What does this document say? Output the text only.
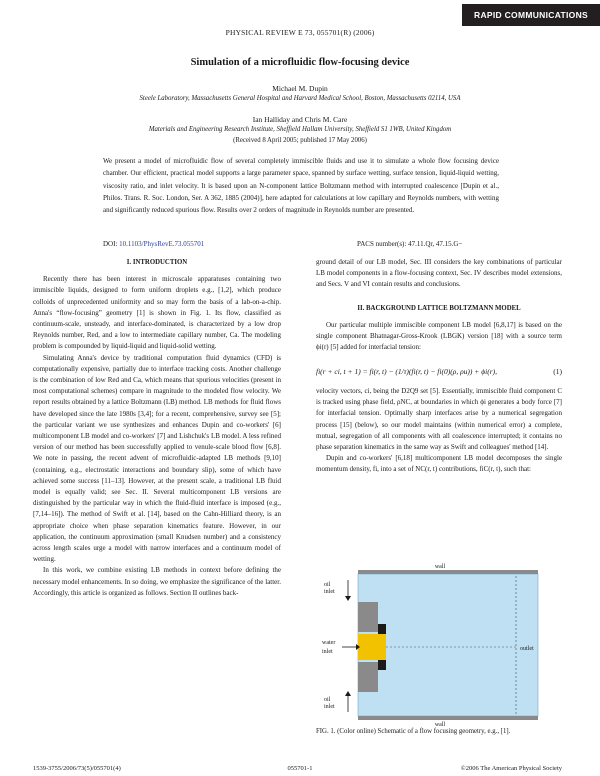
RAPID COMMUNICATIONS
PHYSICAL REVIEW E 73, 055701(R) (2006)
Simulation of a microfluidic flow-focusing device
Michael M. Dupin
Steele Laboratory, Massachusetts General Hospital and Harvard Medical School, Boston, Massachusetts 02114, USA
Ian Halliday and Chris M. Care
Materials and Engineering Research Institute, Sheffield Hallam University, Sheffield S1 1WB, United Kingdom
(Received 8 April 2005; published 17 May 2006)
We present a model of microfluidic flow of several completely immiscible fluids and use it to simulate a whole flow focusing device chamber. Our efficient, practical model supports a large parameter space, spanned by surface wetting, surface tension, liquid-liquid wetting, viscosity ratio, and inlet velocity. It is based upon an N-component lattice Boltzmann method with interrupted coalescence [Dupin et al., Philos. Trans. R. Soc. London, Ser. A 362, 1885 (2004)], here adapted for calculations at low capillary and Reynolds numbers, with wetting and significantly reduced spurious flow. Results over 2 orders of magnitude in Reynolds number are presented.
DOI: 10.1103/PhysRevE.73.055701	PACS number(s): 47.11.Qr, 47.15.G−

I. INTRODUCTION

Recently there has been interest in microscale apparatuses containing two immiscible liquids, designed to form uniform droplets e.g., [1,2], which produce colloids of unprecedented uniformity and so may form the basis of a lab-on-a-chip. Anna's “flow-focusing” geometry [1] is shown in Fig. 1. Its flow, classified as continuum-scale, unsteady, and interface-dominated, is characterized by a low drop Reynolds number, Red, and a low to intermediate capillary number, Ca. The modeling problem is compounded by liquid-liquid and liquid-solid wetting.

Simulating Anna's device by traditional computation fluid dynamics (CFD) is computationally expensive, partially due to interface tracking costs. Another challenge is the combination of low Red and Ca, which means that spurious velocities (present in most computational schemes) compare in magnitude to the modeled flow velocity. We report results obtained by a lattice Boltzmann (LB) method. LB methods for fluid flows have developed since the late 1980s [3,4]; for a recent, comprehensive, survey see [5]; the particular variant we use synthesizes and enhances Dupin and co-workers' [6] multicomponent LB model and co-workers' [7] and Lishchuk's LB model. A less refined version of our method has been successfully applied to venule-scale blood flow [6,8]. We note in passing, the recent advent of microfluidic-adapted LB methods [9,10] (containing, e.g., electrostatic interactions and boundary slip), some of which have achieved some success [11–13]. However, at the present scale, a traditional LB fluid model is equally valid; see Sec. II. Several multicomponent LB versions are distinguished by the particular way in which the fluid-fluid interface is imposed (e.g., [7,14–16]). The method of Swift et al. [14], based on the Cahn-Hilliard theory, is an appropriate choice when phase separation kinematics feature. However, in our application, the continuum approximation (small Knudsen number) and a consistency across length scales urge a model with narrow interfaces and a continuum model of wetting.

In this work, we combine existing LB methods in context before defining the necessary model enhancements. In so doing, we emphasize the significance of the latter. Accordingly, this article is organized as follows. Section II outlines back-

ground detail of our LB model, Sec. III considers the key combinations of particular LB model components in a flow-focusing context, Sec. IV describes model extensions, and Secs. V and VI contain results and conclusions.

II. BACKGROUND LATTICE BOLTZMANN MODEL

Our particular multiple immiscible component LB model [6,8,17] is based on the single component Bhatnagar-Gross-Krook (LBGK) version [18] with a source term ϕi(r) [5] added for interfacial tension:

fi(r + ci, t + 1) = fi(r, t) − (1/τ)(fi(r, t) − fi(0)(ρ, ρu)) + ϕi(r),	(1)

velocity vectors, ci, being the D2Q9 set [5]. Essentially, immiscible fluid component C is tracked using phase field, ρNC, at boundaries in which ϕi generates a body force [7] for interfacial tension. Optimally sharp interfaces arise by a numerical segregation process [15] (below), so our model maintains (within numerical error) a complete, mutual, segregation of all components with all coalescence interrupted; it contains no phase separation kinematics in the same way as Swift and colleagues' method [14].

Dupin and co-workers' [6,18] multicomponent LB model decomposes the single momentum density, fi, into a set of NC(r, t) contributions, fiC(r, t), such that:

wall
wall
oil
inlet
oil
inlet
water
inlet	outlet
FIG. 1. (Color online) Schematic of a flow focusing geometry, e.g., [1].
1539-3755/2006/73(5)/055701(4)	055701-1	©2006 The American Physical Society
